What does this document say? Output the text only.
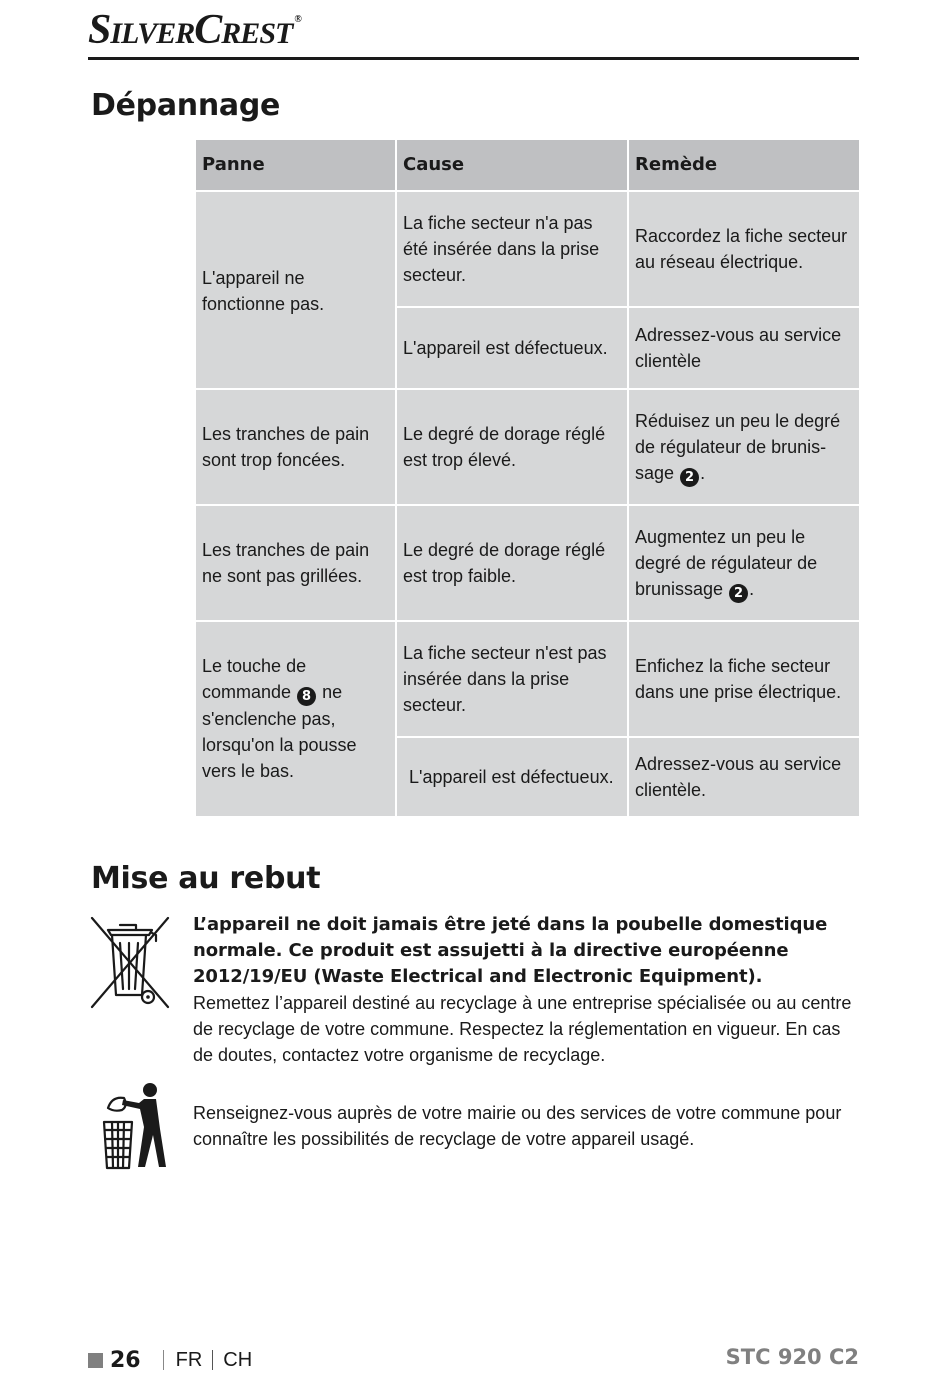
SILVERCREST ®
Dépannage
Panne	Cause	Remède
L'appareil ne fonctionne pas.	La fiche secteur n'a pas été insérée dans la prise secteur.	Raccordez la fiche secteur au réseau électrique.
	L'appareil est défectueux.	Adressez-vous au service clientèle
Les tranches de pain sont trop foncées.	Le degré de dorage réglé est trop élevé.	Réduisez un peu le degré de régulateur de brunis-sage 2 .
Les tranches de pain ne sont pas grillées.	Le degré de dorage réglé est trop faible.	Augmentez un peu le degré de régulateur de brunissage 2 .
Le touche de commande 8 ne s'enclenche pas, lorsqu'on la pousse vers le bas.	La fiche secteur n'est pas insérée dans la prise secteur.	Enfichez la fiche secteur dans une prise électrique.
	L'appareil est défectueux.	Adressez-vous au service clientèle.
Mise au rebut
L’appareil ne doit jamais être jeté dans la poubelle domestique normale. Ce produit est assujetti à la directive européenne 2012/19/EU (Waste Electrical and Electronic Equipment).
Remettez l’appareil destiné au recyclage à une entreprise spécialisée ou au centre de recyclage de votre commune. Respectez la réglementation en vigueur. En cas de doutes, contactez votre organisme de recyclage.
Renseignez-vous auprès de votre mairie ou des services de votre commune pour connaître les possibilités de recyclage de votre appareil usagé.
26 FR CH	STC 920 C2
